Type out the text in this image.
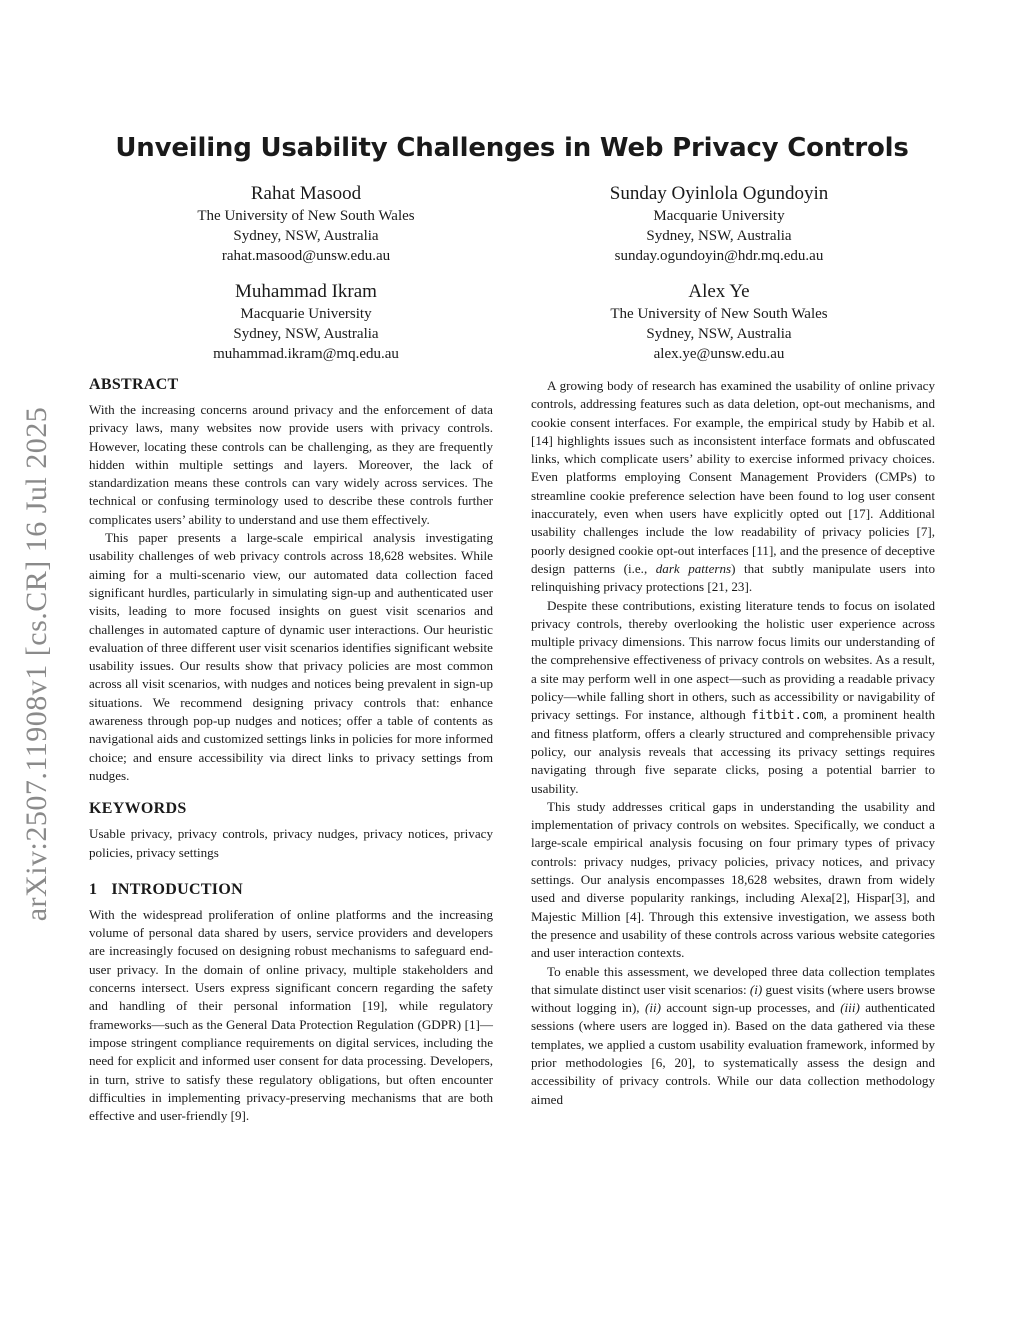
Unveiling Usability Challenges in Web Privacy Controls
Rahat Masood
The University of New South Wales
Sydney, NSW, Australia
rahat.masood@unsw.edu.au
Sunday Oyinlola Ogundoyin
Macquarie University
Sydney, NSW, Australia
sunday.ogundoyin@hdr.mq.edu.au
Muhammad Ikram
Macquarie University
Sydney, NSW, Australia
muhammad.ikram@mq.edu.au
Alex Ye
The University of New South Wales
Sydney, NSW, Australia
alex.ye@unsw.edu.au
arXiv:2507.11908v1 [cs.CR] 16 Jul 2025
ABSTRACT

With the increasing concerns around privacy and the enforcement of data privacy laws, many websites now provide users with privacy controls. However, locating these controls can be challenging, as they are frequently hidden within multiple settings and layers. Moreover, the lack of standardization means these controls can vary widely across services. The technical or confusing terminology used to describe these controls further complicates users’ ability to understand and use them effectively.

This paper presents a large-scale empirical analysis investigating usability challenges of web privacy controls across 18,628 websites. While aiming for a multi-scenario view, our automated data collection faced significant hurdles, particularly in simulating sign-up and authenticated user visits, leading to more focused insights on guest visit scenarios and challenges in automated capture of dynamic user interactions. Our heuristic evaluation of three different user visit scenarios identifies significant website usability issues. Our results show that privacy policies are most common across all visit scenarios, with nudges and notices being prevalent in sign-up situations. We recommend designing privacy controls that: enhance awareness through pop-up nudges and notices; offer a table of contents as navigational aids and customized settings links in policies for more informed choice; and ensure accessibility via direct links to privacy settings from nudges.

KEYWORDS

Usable privacy, privacy controls, privacy nudges, privacy notices, privacy policies, privacy settings

1 INTRODUCTION

With the widespread proliferation of online platforms and the increasing volume of personal data shared by users, service providers and developers are increasingly focused on designing robust mechanisms to safeguard end-user privacy. In the domain of online privacy, multiple stakeholders and concerns intersect. Users express significant concern regarding the safety and handling of their personal information [19], while regulatory frameworks—such as the General Data Protection Regulation (GDPR) [1]—impose stringent compliance requirements on digital services, including the need for explicit and informed user consent for data processing. Developers, in turn, strive to satisfy these regulatory obligations, but often encounter difficulties in implementing privacy-preserving mechanisms that are both effective and user-friendly [9].

A growing body of research has examined the usability of online privacy controls, addressing features such as data deletion, opt-out mechanisms, and cookie consent interfaces. For example, the empirical study by Habib et al.[14] highlights issues such as inconsistent interface formats and obfuscated links, which complicate users’ ability to exercise informed privacy choices. Even platforms employing Consent Management Providers (CMPs) to streamline cookie preference selection have been found to log user consent inaccurately, even when users have explicitly opted out [17]. Additional usability challenges include the low readability of privacy policies [7], poorly designed cookie opt-out interfaces [11], and the presence of deceptive design patterns (i.e., dark patterns) that subtly manipulate users into relinquishing privacy protections [21, 23].

Despite these contributions, existing literature tends to focus on isolated privacy controls, thereby overlooking the holistic user experience across multiple privacy dimensions. This narrow focus limits our understanding of the comprehensive effectiveness of privacy controls on websites. As a result, a site may perform well in one aspect—such as providing a readable privacy policy—while falling short in others, such as accessibility or navigability of privacy settings. For instance, although fitbit.com, a prominent health and fitness platform, offers a clearly structured and comprehensible privacy policy, our analysis reveals that accessing its privacy settings requires navigating through five separate clicks, posing a potential barrier to usability.

This study addresses critical gaps in understanding the usability and implementation of privacy controls on websites. Specifically, we conduct a large-scale empirical analysis focusing on four primary types of privacy controls: privacy nudges, privacy policies, privacy notices, and privacy settings. Our analysis encompasses 18,628 websites, drawn from widely used and diverse popularity rankings, including Alexa[2], Hispar[3], and Majestic Million [4]. Through this extensive investigation, we assess both the presence and usability of these controls across various website categories and user interaction contexts.

To enable this assessment, we developed three data collection templates that simulate distinct user visit scenarios: (i) guest visits (where users browse without logging in), (ii) account sign-up processes, and (iii) authenticated sessions (where users are logged in). Based on the data gathered via these templates, we applied a custom usability evaluation framework, informed by prior methodologies [6, 20], to systematically assess the design and accessibility of privacy controls. While our data collection methodology aimed
